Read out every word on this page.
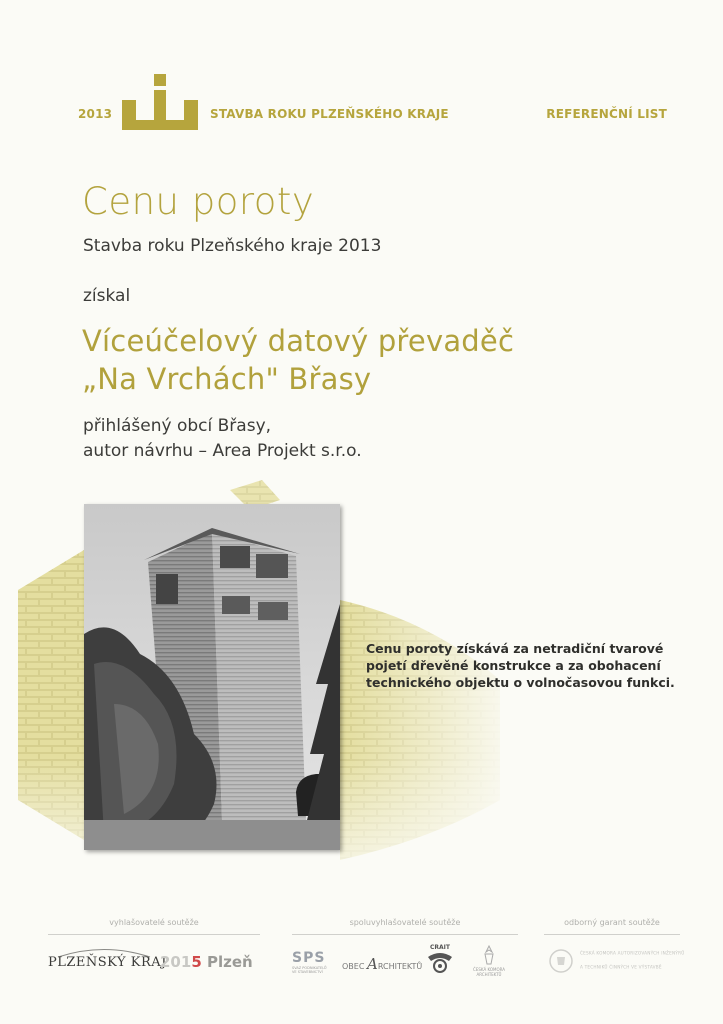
2013	STAVBA ROKU PLZEŇSKÉHO KRAJE	REFERENČNÍ LIST
Cenu poroty
Stavba roku Plzeňského kraje 2013
získal
Víceúčelový datový převaděč
„Na Vrchách" Břasy
přihlášený obcí Břasy,
autor návrhu – Area Projekt s.r.o.
Cenu poroty získává za netradiční tvarové
pojetí dřevěné konstrukce a za obohacení
technického objektu o volnočasovou funkci.
vyhlašovatelé soutěže	spoluvyhlašovatelé soutěže	odborný garant soutěže
PLZEŇSKÝ KRAJ
2015 Plzeň	SPS
SVAZ PODNIKATELŮ
VE STAVEBNICTVÍ
OBEC ARCHITEKTŮ
CRAIT
ČESKÁ KOMORA
ARCHITEKTŮ
ČESKÁ KOMORA AUTORIZOVANÝCH INŽENÝRŮ
A TECHNIKŮ ČINNÝCH VE VÝSTAVBĚ
